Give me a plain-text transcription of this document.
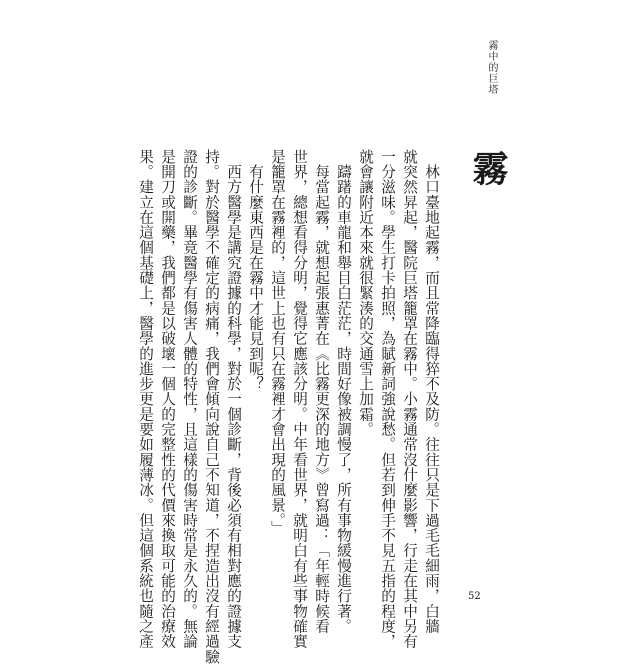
霧中的巨塔
霧
　林口臺地起霧，而且常降臨得猝不及防。往往只是下過毛毛細雨，白牆
就突然昇起，醫院巨塔籠罩在霧中。小霧通常沒什麼影響，行走在其中另有
一分滋味。學生打卡拍照，為賦新詞強說愁。但若到伸手不見五指的程度，
就會讓附近本來就很緊湊的交通雪上加霜。
　躊躇的車龍和舉目白茫茫，時間好像被調慢了，所有事物緩慢進行著。
　每當起霧，就想起張惠菁在《比霧更深的地方》曾寫過：「年輕時候看
世界，總想看得分明，覺得它應該分明。中年看世界，就明白有些事物確實
是籠罩在霧裡的，這世上也有只在霧裡才會出現的風景。」
　有什麼東西是在霧中才能見到呢？
　西方醫學是講究證據的科學，對於一個診斷，背後必須有相對應的證據支
持。對於醫學不確定的病痛，我們會傾向說自己不知道，不捏造出沒有經過驗
證的診斷。畢竟醫學有傷害人體的特性，且這樣的傷害時常是永久的。無論
是開刀或開藥，我們都是以破壞一個人的完整性的代價來換取可能的治療效
果。建立在這個基礎上，醫學的進步更是要如履薄冰。但這個系統也隨之產	52
